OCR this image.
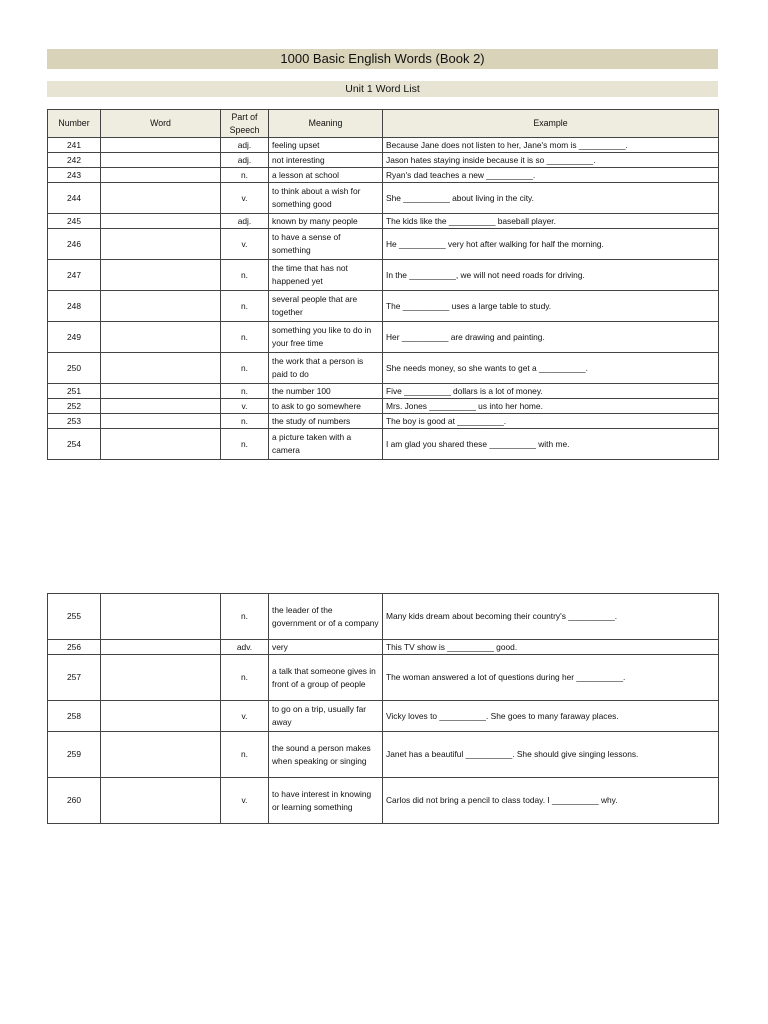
1000 Basic English Words (Book 2)
Unit 1 Word List
Number	Word	Part of Speech	Meaning	Example
241		adj.	feeling upset	Because Jane does not listen to her, Jane's mom is __________.
242		adj.	not interesting	Jason hates staying inside because it is so __________.
243		n.	a lesson at school	Ryan's dad teaches a new __________.
244		v.	to think about a wish for something good	She __________ about living in the city.
245		adj.	known by many people	The kids like the __________ baseball player.
246		v.	to have a sense of something	He __________ very hot after walking for half the morning.
247		n.	the time that has not happened yet	In the __________, we will not need roads for driving.
248		n.	several people that are together	The __________ uses a large table to study.
249		n.	something you like to do in your free time	Her __________ are drawing and painting.
250		n.	the work that a person is paid to do	She needs money, so she wants to get a __________.
251		n.	the number 100	Five __________ dollars is a lot of money.
252		v.	to ask to go somewhere	Mrs. Jones __________ us into her home.
253		n.	the study of numbers	The boy is good at __________.
254		n.	a picture taken with a camera	I am glad you shared these __________ with me.
255		n.	the leader of the government or of a company	Many kids dream about becoming their country's __________.
256		adv.	very	This TV show is __________ good.
257		n.	a talk that someone gives in front of a group of people	The woman answered a lot of questions during her __________.
258		v.	to go on a trip, usually far away	Vicky loves to __________. She goes to many faraway places.
259		n.	the sound a person makes when speaking or singing	Janet has a beautiful __________. She should give singing lessons.
260		v.	to have interest in knowing or learning something	Carlos did not bring a pencil to class today. I __________ why.
